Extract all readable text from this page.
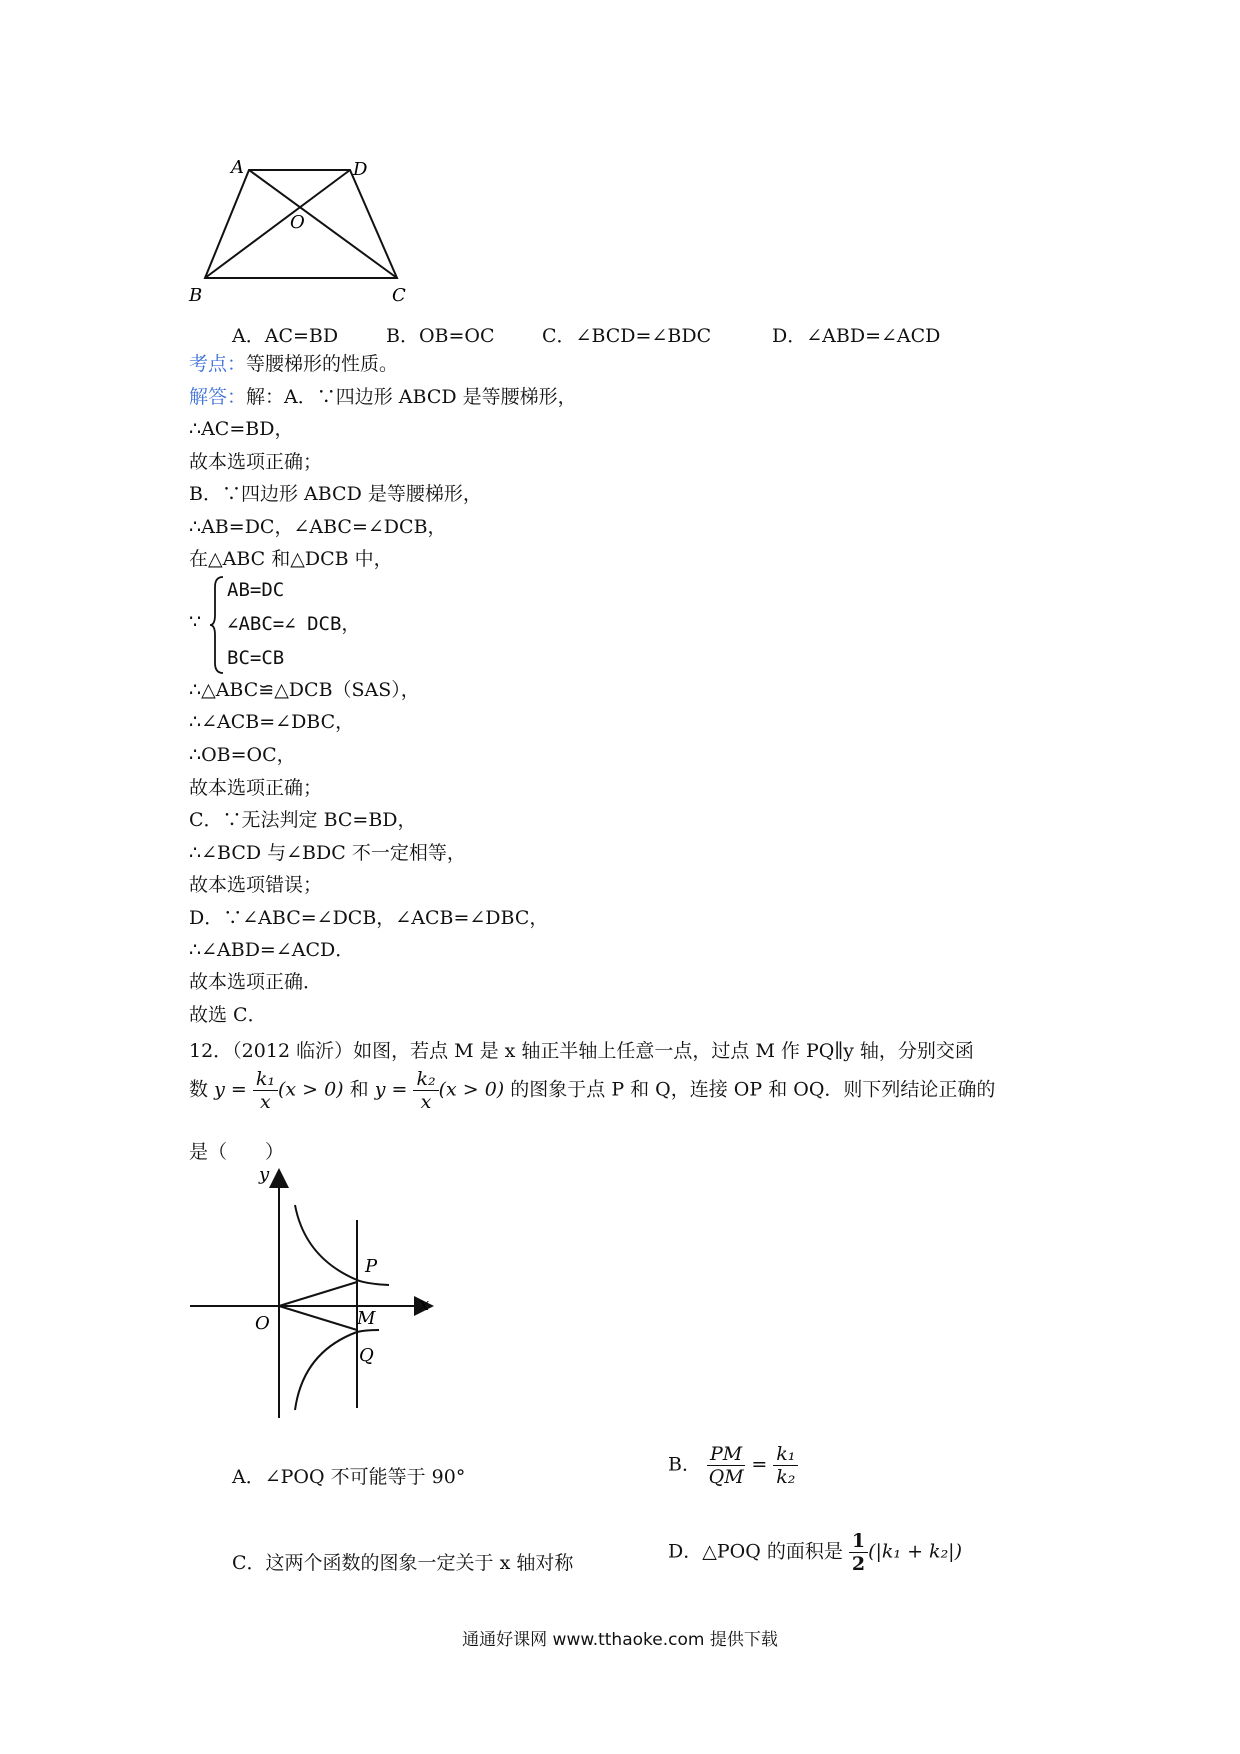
A	D
O
B	C
A．AC=BD	B．OB=OC C．∠BCD=∠BDC	D．∠ABD=∠ACD
考点：等腰梯形的性质。
解答：解：A．∵四边形 ABCD 是等腰梯形，
∴AC=BD，
故本选项正确；
B．∵四边形 ABCD 是等腰梯形，
∴AB=DC，∠ABC=∠DCB，
在△ABC 和△DCB 中，
∵
AB=DC
∠ABC=∠ DCB，
BC=CB
∴△ABC≌△DCB（SAS），
∴∠ACB=∠DBC，
∴OB=OC，
故本选项正确；
C．∵无法判定 BC=BD，
∴∠BCD 与∠BDC 不一定相等，
故本选项错误；
D．∵∠ABC=∠DCB，∠ACB=∠DBC，
∴∠ABD=∠ACD．
故本选项正确．
故选 C．
12．（2012 临沂）如图，若点 M 是 x 轴正半轴上任意一点，过点 M 作 PQ∥y 轴，分别交函
数 $y = \frac{\text{k₁}}{x} (x > 0)$ 和 $y = \frac{\text{k₂}}{x} (x > 0)$ 的图象于点 P 和 Q，连接 OP 和 OQ．则下列结论正确的
是（　　）
y
x
O
P
M
Q
A．∠POQ 不可能等于 90°
B． $\frac{PM}{QM} = \frac{\text{k₁}}{\text{k₂}}$
C．这两个函数的图象一定关于 x 轴对称
D．△POQ 的面积是 $\frac{1}{2} (|k_1 + k_2|)$
通通好课网 www.tthaoke.com 提供下载
